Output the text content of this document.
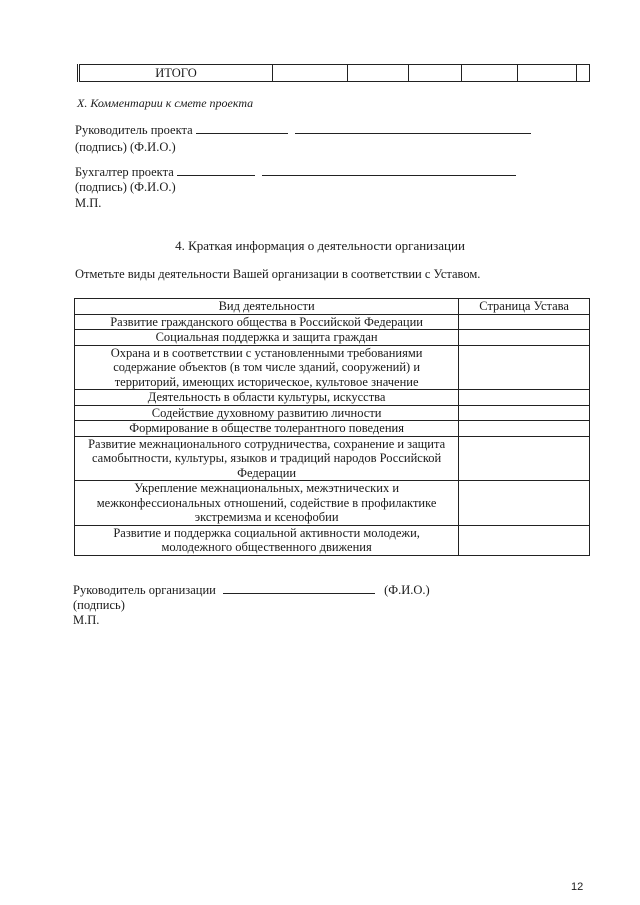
ИТОГО						
X. Комментарии к смете проекта
Руководитель проекта
(подпись) (Ф.И.О.)
Бухгалтер проекта
(подпись) (Ф.И.О.)
М.П.
4. Краткая информация о деятельности организации
Отметьте виды деятельности Вашей организации в соответствии с Уставом.
Вид деятельности	Страница Устава

Развитие гражданского общества в Российской Федерации	

Социальная поддержка и защита граждан	

Охрана и в соответствии с установленными требованиями
содержание объектов (в том числе зданий, сооружений) и
территорий, имеющих историческое, культовое значение	

Деятельность в области культуры, искусства	

Содействие духовному развитию личности	

Формирование в обществе толерантного поведения	

Развитие межнационального сотрудничества, сохранение и защита
самобытности, культуры, языков и традиций народов Российской
Федерации	

Укрепление межнациональных, межэтнических и
межконфессиональных отношений, содействие в профилактике
экстремизма и ксенофобии	

Развитие и поддержка социальной активности молодежи,
молодежного общественного движения	

Руководитель организации	(Ф.И.О.)
(подпись)
М.П.
12
